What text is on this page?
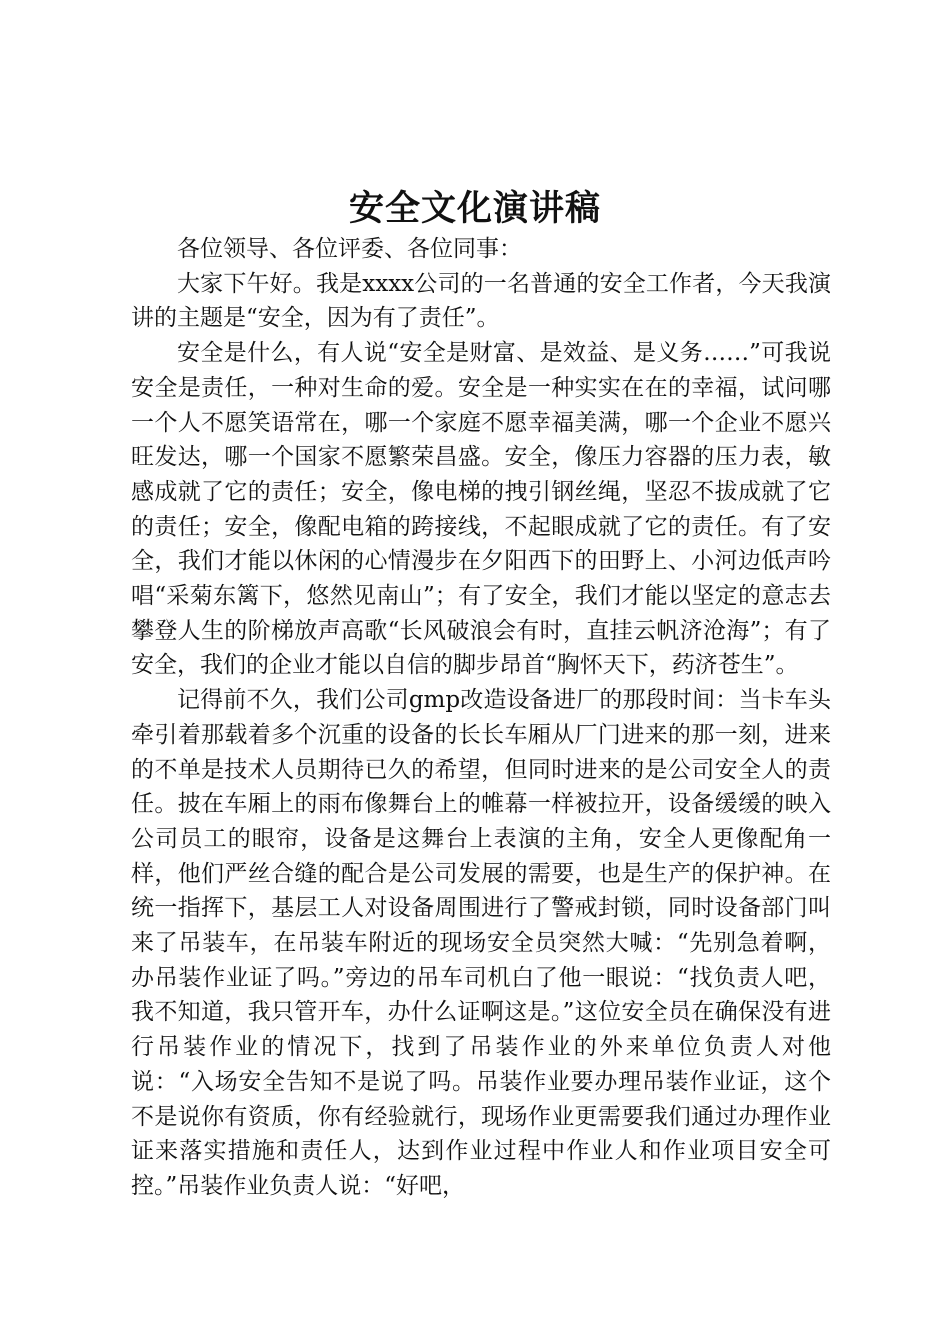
安全文化演讲稿

各位领导、各位评委、各位同事：

大家下午好。我是xxxx公司的一名普通的安全工作者，今天我演讲的主题是“安全，因为有了责任”。

安全是什么，有人说“安全是财富、是效益、是义务……”可我说安全是责任，一种对生命的爱。安全是一种实实在在的幸福，试问哪一个人不愿笑语常在，哪一个家庭不愿幸福美满，哪一个企业不愿兴旺发达，哪一个国家不愿繁荣昌盛。安全，像压力容器的压力表，敏感成就了它的责任；安全，像电梯的拽引钢丝绳，坚忍不拔成就了它的责任；安全，像配电箱的跨接线，不起眼成就了它的责任。有了安全，我们才能以休闲的心情漫步在夕阳西下的田野上、小河边低声吟唱“采菊东篱下，悠然见南山”；有了安全，我们才能以坚定的意志去攀登人生的阶梯放声高歌“长风破浪会有时，直挂云帆济沧海”；有了安全，我们的企业才能以自信的脚步昂首“胸怀天下，药济苍生”。

记得前不久，我们公司gmp改造设备进厂的那段时间：当卡车头牵引着那载着多个沉重的设备的长长车厢从厂门进来的那一刻，进来的不单是技术人员期待已久的希望，但同时进来的是公司安全人的责任。披在车厢上的雨布像舞台上的帷幕一样被拉开，设备缓缓的映入公司员工的眼帘，设备是这舞台上表演的主角，安全人更像配角一样，他们严丝合缝的配合是公司发展的需要，也是生产的保护神。在统一指挥下，基层工人对设备周围进行了警戒封锁，同时设备部门叫来了吊装车，在吊装车附近的现场安全员突然大喊：“先别急着啊，办吊装作业证了吗。”旁边的吊车司机白了他一眼说：“找负责人吧，我不知道，我只管开车，办什么证啊这是。”这位安全员在确保没有进行吊装作业的情况下，找到了吊装作业的外来单位负责人对他说：“入场安全告知不是说了吗。吊装作业要办理吊装作业证，这个不是说你有资质，你有经验就行，现场作业更需要我们通过办理作业证来落实措施和责任人，达到作业过程中作业人和作业项目安全可控。”吊装作业负责人说：“好吧，
